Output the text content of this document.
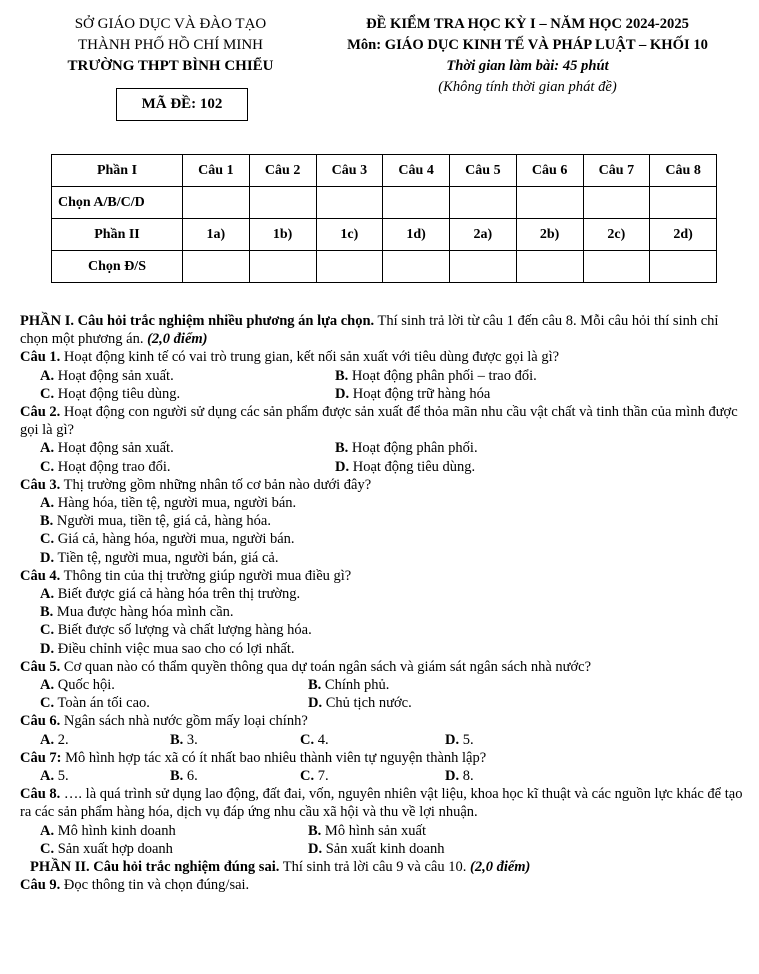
SỞ GIÁO DỤC VÀ ĐÀO TẠO
THÀNH PHỐ HỒ CHÍ MINH
TRƯỜNG THPT BÌNH CHIỂU
MÃ ĐỀ: 102
ĐỀ KIỂM TRA HỌC KỲ I – NĂM HỌC 2024-2025
Môn: GIÁO DỤC KINH TẾ VÀ PHÁP LUẬT – KHỐI 10
Thời gian làm bài: 45 phút
(Không tính thời gian phát đề)
Phần I	Câu 1	Câu 2	Câu 3	Câu 4	Câu 5	Câu 6	Câu 7	Câu 8
Chọn A/B/C/D								
Phần II	1a)	1b)	1c)	1d)	2a)	2b)	2c)	2d)
Chọn Đ/S								

PHẦN I. Câu hỏi trắc nghiệm nhiều phương án lựa chọn. Thí sinh trả lời từ câu 1 đến câu 8. Mỗi câu hỏi thí sinh chỉ chọn một phương án. (2,0 điểm)

Câu 1. Hoạt động kinh tế có vai trò trung gian, kết nối sản xuất với tiêu dùng được gọi là gì?

A. Hoạt động sản xuất.	B. Hoạt động phân phối – trao đổi.
C. Hoạt động tiêu dùng.	D. Hoạt động trữ hàng hóa

Câu 2. Hoạt động con người sử dụng các sản phẩm được sản xuất để thỏa mãn nhu cầu vật chất và tinh thần của mình được gọi là gì?

A. Hoạt động sản xuất.	B. Hoạt động phân phối.
C. Hoạt động trao đổi.	D. Hoạt động tiêu dùng.

Câu 3. Thị trường gồm những nhân tố cơ bản nào dưới đây?

A. Hàng hóa, tiền tệ, người mua, người bán.
B. Người mua, tiền tệ, giá cả, hàng hóa.
C. Giá cả, hàng hóa, người mua, người bán.
D. Tiền tệ, người mua, người bán, giá cả.

Câu 4. Thông tin của thị trường giúp người mua điều gì?

A. Biết được giá cả hàng hóa trên thị trường.
B. Mua được hàng hóa mình cần.
C. Biết được số lượng và chất lượng hàng hóa.
D. Điều chỉnh việc mua sao cho có lợi nhất.

Câu 5. Cơ quan nào có thẩm quyền thông qua dự toán ngân sách và giám sát ngân sách nhà nước?

A. Quốc hội.	B. Chính phủ.
C. Toàn án tối cao.	D. Chủ tịch nước.

Câu 6. Ngân sách nhà nước gồm mấy loại chính?

A. 2.	B. 3.	C. 4.	D. 5.

Câu 7: Mô hình hợp tác xã có ít nhất bao nhiêu thành viên tự nguyện thành lập?

A. 5.	B. 6.	C. 7.	D. 8.

Câu 8. …. là quá trình sử dụng lao động, đất đai, vốn, nguyên nhiên vật liệu, khoa học kĩ thuật và các nguồn lực khác để tạo ra các sản phẩm hàng hóa, dịch vụ đáp ứng nhu cầu xã hội và thu về lợi nhuận.

A. Mô hình kinh doanh	B. Mô hình sản xuất
C. Sản xuất hợp doanh	D. Sản xuất kinh doanh

PHẦN II. Câu hỏi trắc nghiệm đúng sai. Thí sinh trả lời câu 9 và câu 10. (2,0 điểm)

Câu 9. Đọc thông tin và chọn đúng/sai.
